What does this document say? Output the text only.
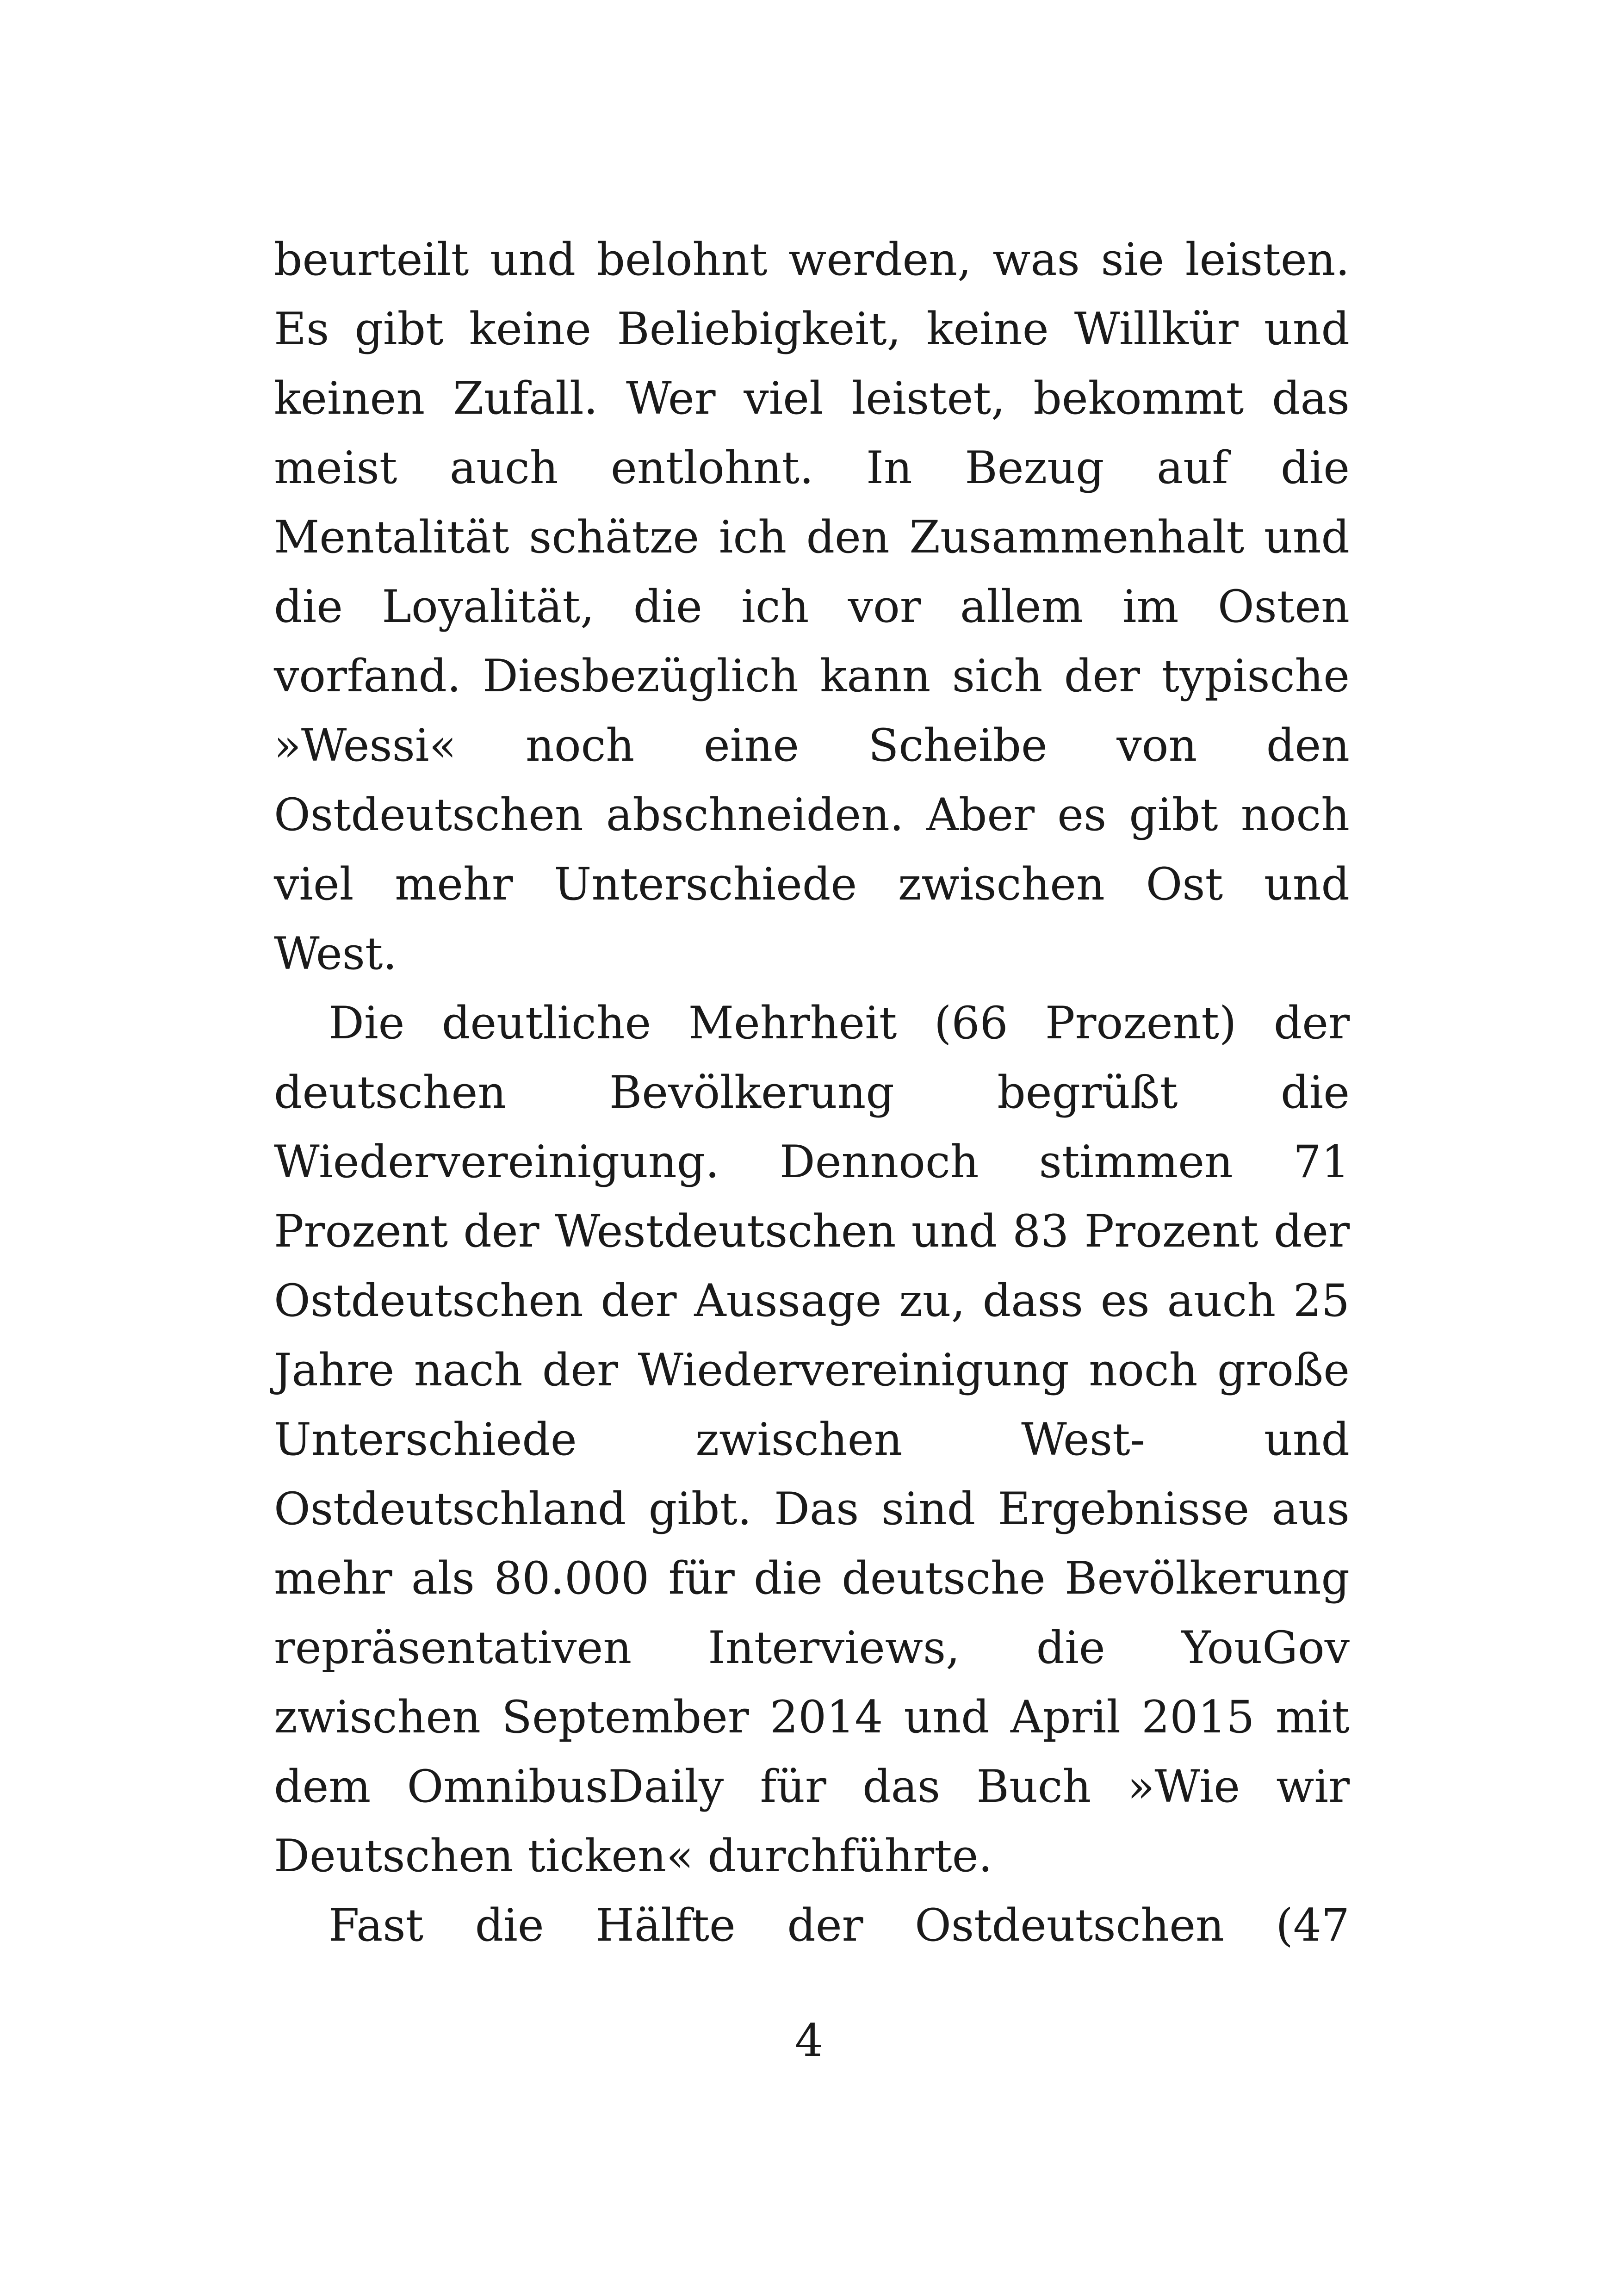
beurteilt und belohnt werden, was sie leisten. Es gibt keine Beliebigkeit, keine Willkür und keinen Zufall. Wer viel leistet, bekommt das meist auch entlohnt. In Bezug auf die Mentalität schätze ich den Zusammenhalt und die Loyalität, die ich vor allem im Osten vorfand. Diesbezüglich kann sich der typische »Wessi« noch eine Scheibe von den Ostdeutschen abschneiden. Aber es gibt noch viel mehr Unterschiede zwischen Ost und West.

Die deutliche Mehrheit (66 Prozent) der deutschen Bevölkerung begrüßt die Wiedervereinigung. Dennoch stimmen 71 Prozent der Westdeutschen und 83 Prozent der Ostdeutschen der Aussage zu, dass es auch 25 Jahre nach der Wiedervereinigung noch große Unterschiede zwischen West- und Ostdeutschland gibt. Das sind Ergebnisse aus mehr als 80.000 für die deutsche Bevölkerung repräsentativen Interviews, die YouGov zwischen September 2014 und April 2015 mit dem OmnibusDaily für das Buch »Wie wir Deutschen ticken« durchführte.

Fast die Hälfte der Ostdeutschen (47

4
